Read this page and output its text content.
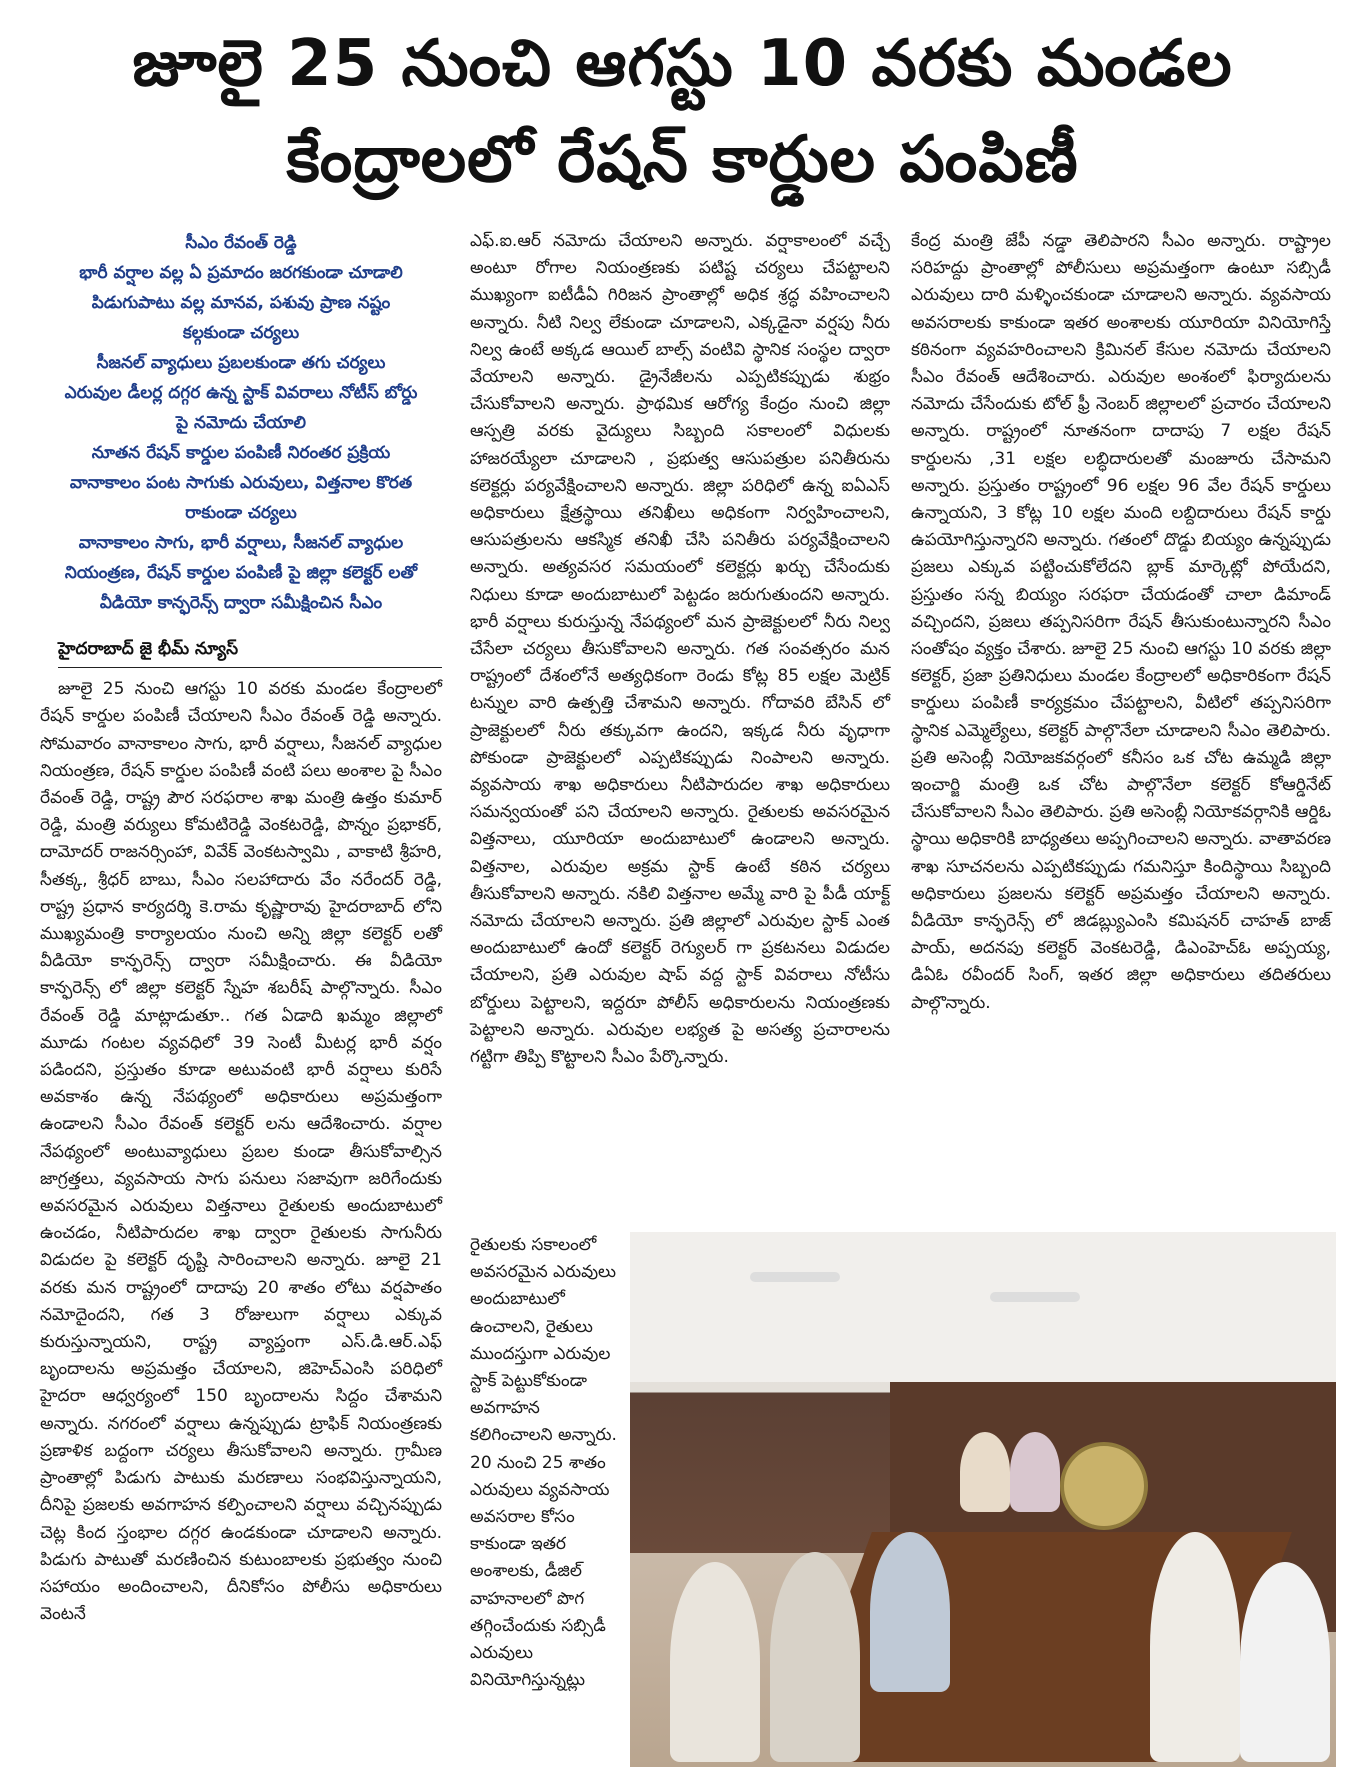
జూలై 25 నుంచి ఆగస్టు 10 వరకు మండల
కేంద్రాలలో రేషన్ కార్డుల పంపిణీ
సీఎం రేవంత్ రెడ్డి
భారీ వర్షాల వల్ల ఏ ప్రమాదం జరగకుండా చూడాలి
పిడుగుపాటు వల్ల మానవ, పశువు ప్రాణ నష్టం
కల్గకుండా చర్యలు
సీజనల్ వ్యాధులు ప్రబలకుండా తగు చర్యలు
ఎరువుల డీలర్ల దగ్గర ఉన్న స్టాక్ వివరాలు నోటీస్ బోర్డు
పై నమోదు చేయాలి
నూతన రేషన్ కార్డుల పంపిణీ నిరంతర ప్రక్రియ
వానాకాలం పంట సాగుకు ఎరువులు, విత్తనాల కొరత
రాకుండా చర్యలు
వానాకాలం సాగు, భారీ వర్షాలు, సీజనల్ వ్యాధుల
నియంత్రణ, రేషన్ కార్డుల పంపిణీ పై జిల్లా కలెక్టర్ లతో
వీడియో కాన్ఫరెన్స్ ద్వారా సమీక్షించిన సీఎం
హైదరాబాద్ జై భీమ్ న్యూస్

జూలై 25 నుంచి ఆగస్టు 10 వరకు మండల కేంద్రాలలో రేషన్ కార్డుల పంపిణీ చేయాలని సీఎం రేవంత్ రెడ్డి అన్నారు. సోమవారం వానాకాలం సాగు, భారీ వర్షాలు, సీజనల్ వ్యాధుల నియంత్రణ, రేషన్ కార్డుల పంపిణీ వంటి పలు అంశాల పై సీఎం రేవంత్ రెడ్డి, రాష్ట్ర పౌర సరఫరాల శాఖ మంత్రి ఉత్తం కుమార్ రెడ్డి, మంత్రి వర్యులు కోమటిరెడ్డి వెంకటరెడ్డి, పొన్నం ప్రభాకర్, దామోదర్ రాజనర్సింహా, వివేక్ వెంకటస్వామి , వాకాటి శ్రీహరి, సీతక్క, శ్రీధర్ బాబు, సీఎం సలహాదారు వేం నరేందర్ రెడ్డి, రాష్ట్ర ప్రధాన కార్యదర్శి కె.రామ కృష్ణారావు హైదరాబాద్ లోని ముఖ్యమంత్రి కార్యాలయం నుంచి అన్ని జిల్లా కలెక్టర్ లతో వీడియో కాన్ఫరెన్స్ ద్వారా సమీక్షించారు. ఈ వీడియో కాన్ఫరెన్స్ లో జిల్లా కలెక్టర్ స్నేహ శబరీష్ పాల్గొన్నారు. సీఎం రేవంత్ రెడ్డి మాట్లాడుతూ.. గత ఏడాది ఖమ్మం జిల్లాలో మూడు గంటల వ్యవధిలో 39 సెంటీ మీటర్ల భారీ వర్షం పడిందని, ప్రస్తుతం కూడా అటువంటి భారీ వర్షాలు కురిసే అవకాశం ఉన్న నేపథ్యంలో అధికారులు అప్రమత్తంగా ఉండాలని సీఎం రేవంత్ కలెక్టర్ లను ఆదేశించారు. వర్షాల నేపథ్యంలో అంటువ్యాధులు ప్రబల కుండా తీసుకోవాల్సిన జాగ్రత్తలు, వ్యవసాయ సాగు పనులు సజావుగా జరిగేందుకు అవసరమైన ఎరువులు విత్తనాలు రైతులకు అందుబాటులో ఉంచడం, నీటిపారుదల శాఖ ద్వారా రైతులకు సాగునీరు విడుదల పై కలెక్టర్ దృష్టి సారించాలని అన్నారు. జూలై 21 వరకు మన రాష్ట్రంలో దాదాపు 20 శాతం లోటు వర్షపాతం నమోదైందని, గత 3 రోజులుగా వర్షాలు ఎక్కువ కురుస్తున్నాయని, రాష్ట్ర వ్యాప్తంగా ఎస్.డి.ఆర్.ఎఫ్ బృందాలను అప్రమత్తం చేయాలని, జిహెచ్ఎంసి పరిధిలో హైదరా ఆధ్వర్యంలో 150 బృందాలను సిద్దం చేశామని అన్నారు. నగరంలో వర్షాలు ఉన్నప్పుడు ట్రాఫిక్ నియంత్రణకు ప్రణాళిక బద్దంగా చర్యలు తీసుకోవాలని అన్నారు. గ్రామీణ ప్రాంతాల్లో పిడుగు పాటుకు మరణాలు సంభవిస్తున్నాయని, దీనిపై ప్రజలకు అవగాహన కల్పించాలని వర్షాలు వచ్చినప్పుడు చెట్ల కింద స్తంభాల దగ్గర ఉండకుండా చూడాలని అన్నారు. పిడుగు పాటుతో మరణించిన కుటుంబాలకు ప్రభుత్వం నుంచి సహాయం అందించాలని, దీనికోసం పోలీసు అధికారులు వెంటనే

ఎఫ్.ఐ.ఆర్ నమోదు చేయాలని అన్నారు. వర్షాకాలంలో వచ్చే అంటూ రోగాల నియంత్రణకు పటిష్ట చర్యలు చేపట్టాలని ముఖ్యంగా ఐటీడీఏ గిరిజన ప్రాంతాల్లో అధిక శ్రద్ధ వహించాలని అన్నారు. నీటి నిల్వ లేకుండా చూడాలని, ఎక్కడైనా వర్షపు నీరు నిల్వ ఉంటే అక్కడ ఆయిల్ బాల్స్ వంటివి స్థానిక సంస్థల ద్వారా వేయాలని అన్నారు. డ్రైనేజీలను ఎప్పటికప్పుడు శుభ్రం చేసుకోవాలని అన్నారు. ప్రాథమిక ఆరోగ్య కేంద్రం నుంచి జిల్లా ఆస్పత్రి వరకు వైద్యులు సిబ్బంది సకాలంలో విధులకు హాజరయ్యేలా చూడాలని , ప్రభుత్వ ఆసుపత్రుల పనితీరును కలెక్టర్లు పర్యవేక్షించాలని అన్నారు. జిల్లా పరిధిలో ఉన్న ఐఏఎస్ అధికారులు క్షేత్రస్థాయి తనిఖీలు అధికంగా నిర్వహించాలని, ఆసుపత్రులను ఆకస్మిక తనిఖీ చేసి పనితీరు పర్యవేక్షించాలని అన్నారు. అత్యవసర సమయంలో కలెక్టర్లు ఖర్చు చేసేందుకు నిధులు కూడా అందుబాటులో పెట్టడం జరుగుతుందని అన్నారు. భారీ వర్షాలు కురుస్తున్న నేపథ్యంలో మన ప్రాజెక్టులలో నీరు నిల్వ చేసేలా చర్యలు తీసుకోవాలని అన్నారు. గత సంవత్సరం మన రాష్ట్రంలో దేశంలోనే అత్యధికంగా రెండు కోట్ల 85 లక్షల మెట్రిక్ టన్నుల వారి ఉత్పత్తి చేశామని అన్నారు. గోదావరి బేసిన్ లో ప్రాజెక్టులలో నీరు తక్కువగా ఉందని, ఇక్కడ నీరు వృధాగా పోకుండా ప్రాజెక్టులలో ఎప్పటికప్పుడు నింపాలని అన్నారు. వ్యవసాయ శాఖ అధికారులు నీటిపారుదల శాఖ అధికారులు సమన్వయంతో పని చేయాలని అన్నారు. రైతులకు అవసరమైన విత్తనాలు, యూరియా అందుబాటులో ఉండాలని అన్నారు. విత్తనాల, ఎరువుల అక్రమ స్టాక్ ఉంటే కఠిన చర్యలు తీసుకోవాలని అన్నారు. నకిలి విత్తనాల అమ్మే వారి పై పీడీ యాక్ట్ నమోదు చేయాలని అన్నారు. ప్రతి జిల్లాలో ఎరువుల స్టాక్ ఎంత అందుబాటులో ఉందో కలెక్టర్ రెగ్యులర్ గా ప్రకటనలు విడుదల చేయాలని, ప్రతి ఎరువుల షాప్ వద్ద స్టాక్ వివరాలు నోటీసు బోర్డులు పెట్టాలని, ఇద్దరూ పోలీస్ అధికారులను నియంత్రణకు పెట్టాలని అన్నారు. ఎరువుల లభ్యత పై అసత్య ప్రచారాలను గట్టిగా తిప్పి కొట్టాలని సీఎం పేర్కొన్నారు.

రైతులకు సకాలంలో అవసరమైన ఎరువులు అందుబాటులో ఉంచాలని, రైతులు ముందస్తుగా ఎరువుల స్టాక్ పెట్టుకోకుండా అవగాహన కలిగించాలని అన్నారు. 20 నుంచి 25 శాతం ఎరువులు వ్యవసాయ అవసరాల కోసం కాకుండా ఇతర అంశాలకు, డీజిల్ వాహనాలలో పొగ తగ్గించేందుకు సబ్సిడీ ఎరువులు వినియోగిస్తున్నట్లు

కేంద్ర మంత్రి జేపీ నడ్డా తెలిపారని సీఎం అన్నారు. రాష్ట్రాల సరిహద్దు ప్రాంతాల్లో పోలీసులు అప్రమత్తంగా ఉంటూ సబ్సిడీ ఎరువులు దారి మళ్ళించకుండా చూడాలని అన్నారు. వ్యవసాయ అవసరాలకు కాకుండా ఇతర అంశాలకు యూరియా వినియోగిస్తే కఠినంగా వ్యవహరించాలని క్రిమినల్ కేసుల నమోదు చేయాలని సీఎం రేవంత్ ఆదేశించారు. ఎరువుల అంశంలో ఫిర్యాదులను నమోదు చేసేందుకు టోల్ ఫ్రీ నెంబర్ జిల్లాలలో ప్రచారం చేయాలని అన్నారు. రాష్ట్రంలో నూతనంగా దాదాపు 7 లక్షల రేషన్ కార్డులను ,31 లక్షల లబ్ధిదారులతో మంజూరు చేసామని అన్నారు. ప్రస్తుతం రాష్ట్రంలో 96 లక్షల 96 వేల రేషన్ కార్డులు ఉన్నాయని, 3 కోట్ల 10 లక్షల మంది లబ్దిదారులు రేషన్ కార్డు ఉపయోగిస్తున్నారని అన్నారు. గతంలో దొడ్డు బియ్యం ఉన్నప్పుడు ప్రజలు ఎక్కువ పట్టించుకోలేదని బ్లాక్ మార్కెట్లో పోయేదని, ప్రస్తుతం సన్న బియ్యం సరఫరా చేయడంతో చాలా డిమాండ్ వచ్చిందని, ప్రజలు తప్పనిసరిగా రేషన్ తీసుకుంటున్నారని సీఎం సంతోషం వ్యక్తం చేశారు. జూలై 25 నుంచి ఆగస్టు 10 వరకు జిల్లా కలెక్టర్, ప్రజా ప్రతినిధులు మండల కేంద్రాలలో అధికారికంగా రేషన్ కార్డులు పంపిణీ కార్యక్రమం చేపట్టాలని, వీటిలో తప్పనిసరిగా స్థానిక ఎమ్మెల్యేలు, కలెక్టర్ పాల్గొనేలా చూడాలని సీఎం తెలిపారు. ప్రతి అసెంబ్లీ నియోజకవర్గంలో కనీసం ఒక చోట ఉమ్మడి జిల్లా ఇంచార్జి మంత్రి ఒక చోట పాల్గొనేలా కలెక్టర్ కోఆర్డినేట్ చేసుకోవాలని సీఎం తెలిపారు. ప్రతి అసెంబ్లీ నియోకవర్గానికి ఆర్డిఓ స్థాయి అధికారికి బాధ్యతలు అప్పగించాలని అన్నారు. వాతావరణ శాఖ సూచనలను ఎప్పటికప్పుడు గమనిస్తూ కిందిస్థాయి సిబ్బంది అధికారులు ప్రజలను కలెక్టర్ అప్రమత్తం చేయాలని అన్నారు. వీడియో కాన్ఫరెన్స్ లో జిడబ్ల్యుఎంసి కమిషనర్ చాహత్ బాజ్ పాయ్, అదనపు కలెక్టర్ వెంకటరెడ్డి, డిఎంహెచ్ఓ అప్పయ్య, డిఏఓ రవీందర్ సింగ్, ఇతర జిల్లా అధికారులు తదితరులు పాల్గొన్నారు.
